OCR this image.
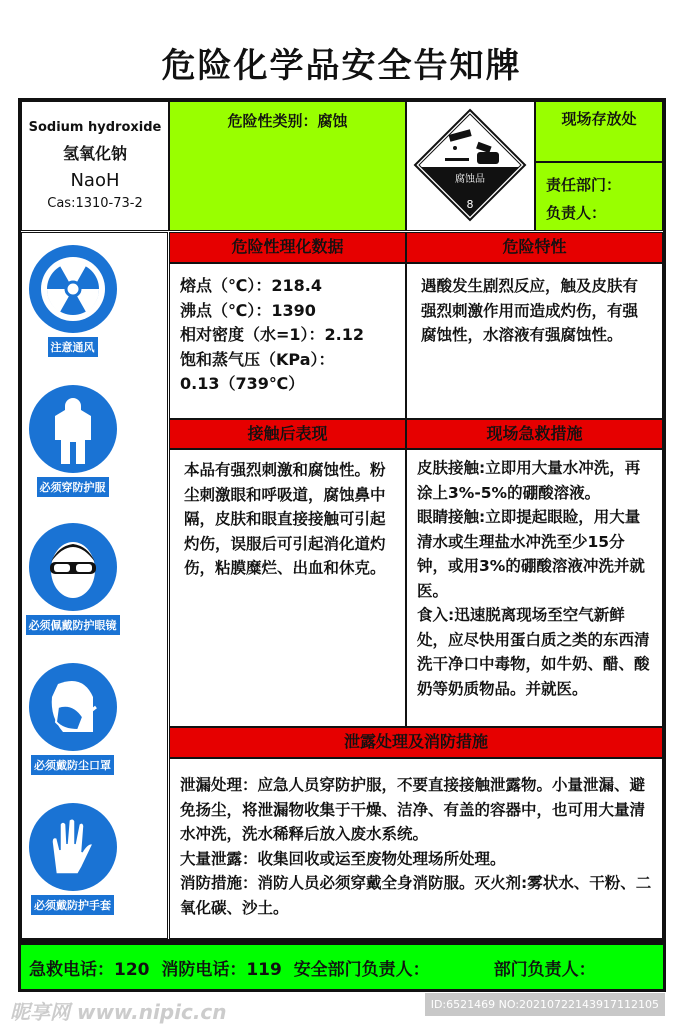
危险化学品安全告知牌
Sodium hydroxide
氢氧化钠
NaoH
Cas:1310-73-2
危险性类别：腐蚀
腐蚀品
8
现场存放处
责任部门：
负责人：
注意通风
必须穿防护服
必须佩戴防护眼镜
必须戴防尘口罩
必须戴防护手套
危险性理化数据	危险特性
熔点（℃）：218.4
沸点（℃）：1390
相对密度（水=1）：2.12
饱和蒸气压（KPa）：
0.13（739℃）
遇酸发生剧烈反应，触及皮肤有强烈刺激作用而造成灼伤，有强腐蚀性，水溶液有强腐蚀性。
接触后表现	现场急救措施
本品有强烈刺激和腐蚀性。粉尘刺激眼和呼吸道，腐蚀鼻中隔，皮肤和眼直接接触可引起灼伤，误服后可引起消化道灼伤，粘膜糜烂、出血和休克。
皮肤接触:立即用大量水冲洗，再涂上3%-5%的硼酸溶液。
眼睛接触:立即提起眼睑，用大量清水或生理盐水冲洗至少15分钟，或用3%的硼酸溶液冲洗并就医。
食入:迅速脱离现场至空气新鲜处，应尽快用蛋白质之类的东西清洗干净口中毒物，如牛奶、醋、酸奶等奶质物品。并就医。
泄露处理及消防措施
泄漏处理：应急人员穿防护服，不要直接接触泄露物。小量泄漏、避免扬尘，将泄漏物收集于干燥、洁净、有盖的容器中，也可用大量清水冲洗，洗水稀释后放入废水系统。
大量泄露：收集回收或运至废物处理场所处理。
消防措施：消防人员必须穿戴全身消防服。灭火剂:雾状水、干粉、二氧化碳、沙土。
急救电话：120
消防电话：119
安全部门负责人：	部门负责人：
昵享网 www.nipic.cn	ID:6521469 NO:20210722143917112105
